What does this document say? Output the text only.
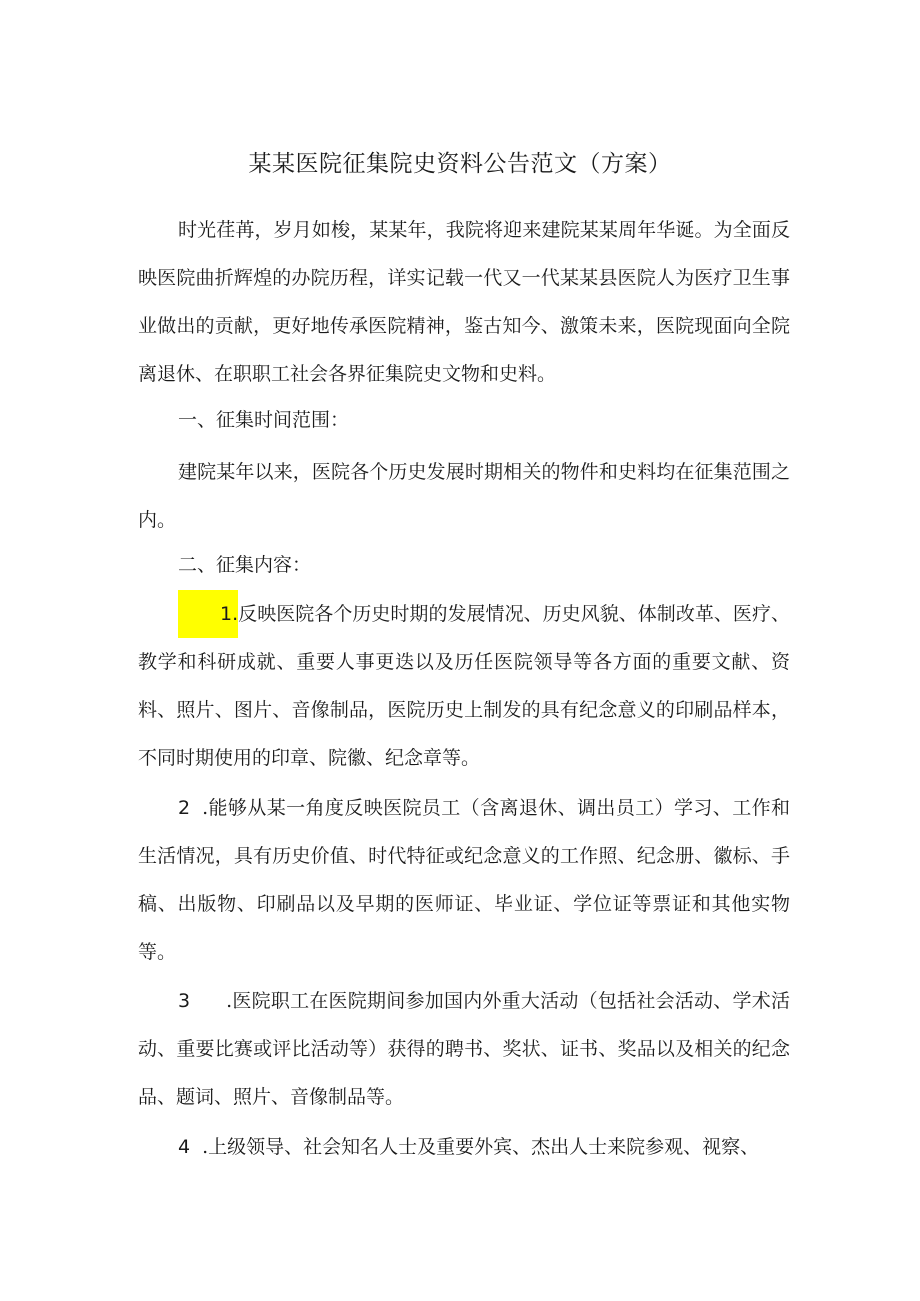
某某医院征集院史资料公告范文（方案）
时光荏苒，岁月如梭，某某年，我院将迎来建院某某周年华诞。为全面反映医院曲折辉煌的办院历程，详实记载一代又一代某某县医院人为医疗卫生事业做出的贡献，更好地传承医院精神，鉴古知今、激策未来，医院现面向全院离退休、在职职工社会各界征集院史文物和史料。
一、征集时间范围：
建院某年以来，医院各个历史发展时期相关的物件和史料均在征集范围之内。
二、征集内容：
1.反映医院各个历史时期的发展情况、历史风貌、体制改革、医疗、教学和科研成就、重要人事更迭以及历任医院领导等各方面的重要文献、资料、照片、图片、音像制品，医院历史上制发的具有纪念意义的印刷品样本，不同时期使用的印章、院徽、纪念章等。
2 .能够从某一角度反映医院员工（含离退休、调出员工）学习、工作和生活情况，具有历史价值、时代特征或纪念意义的工作照、纪念册、徽标、手稿、出版物、印刷品以及早期的医师证、毕业证、学位证等票证和其他实物等。
3 .医院职工在医院期间参加国内外重大活动（包括社会活动、学术活动、重要比赛或评比活动等）获得的聘书、奖状、证书、奖品以及相关的纪念品、题词、照片、音像制品等。
4 .上级领导、社会知名人士及重要外宾、杰出人士来院参观、视察、
